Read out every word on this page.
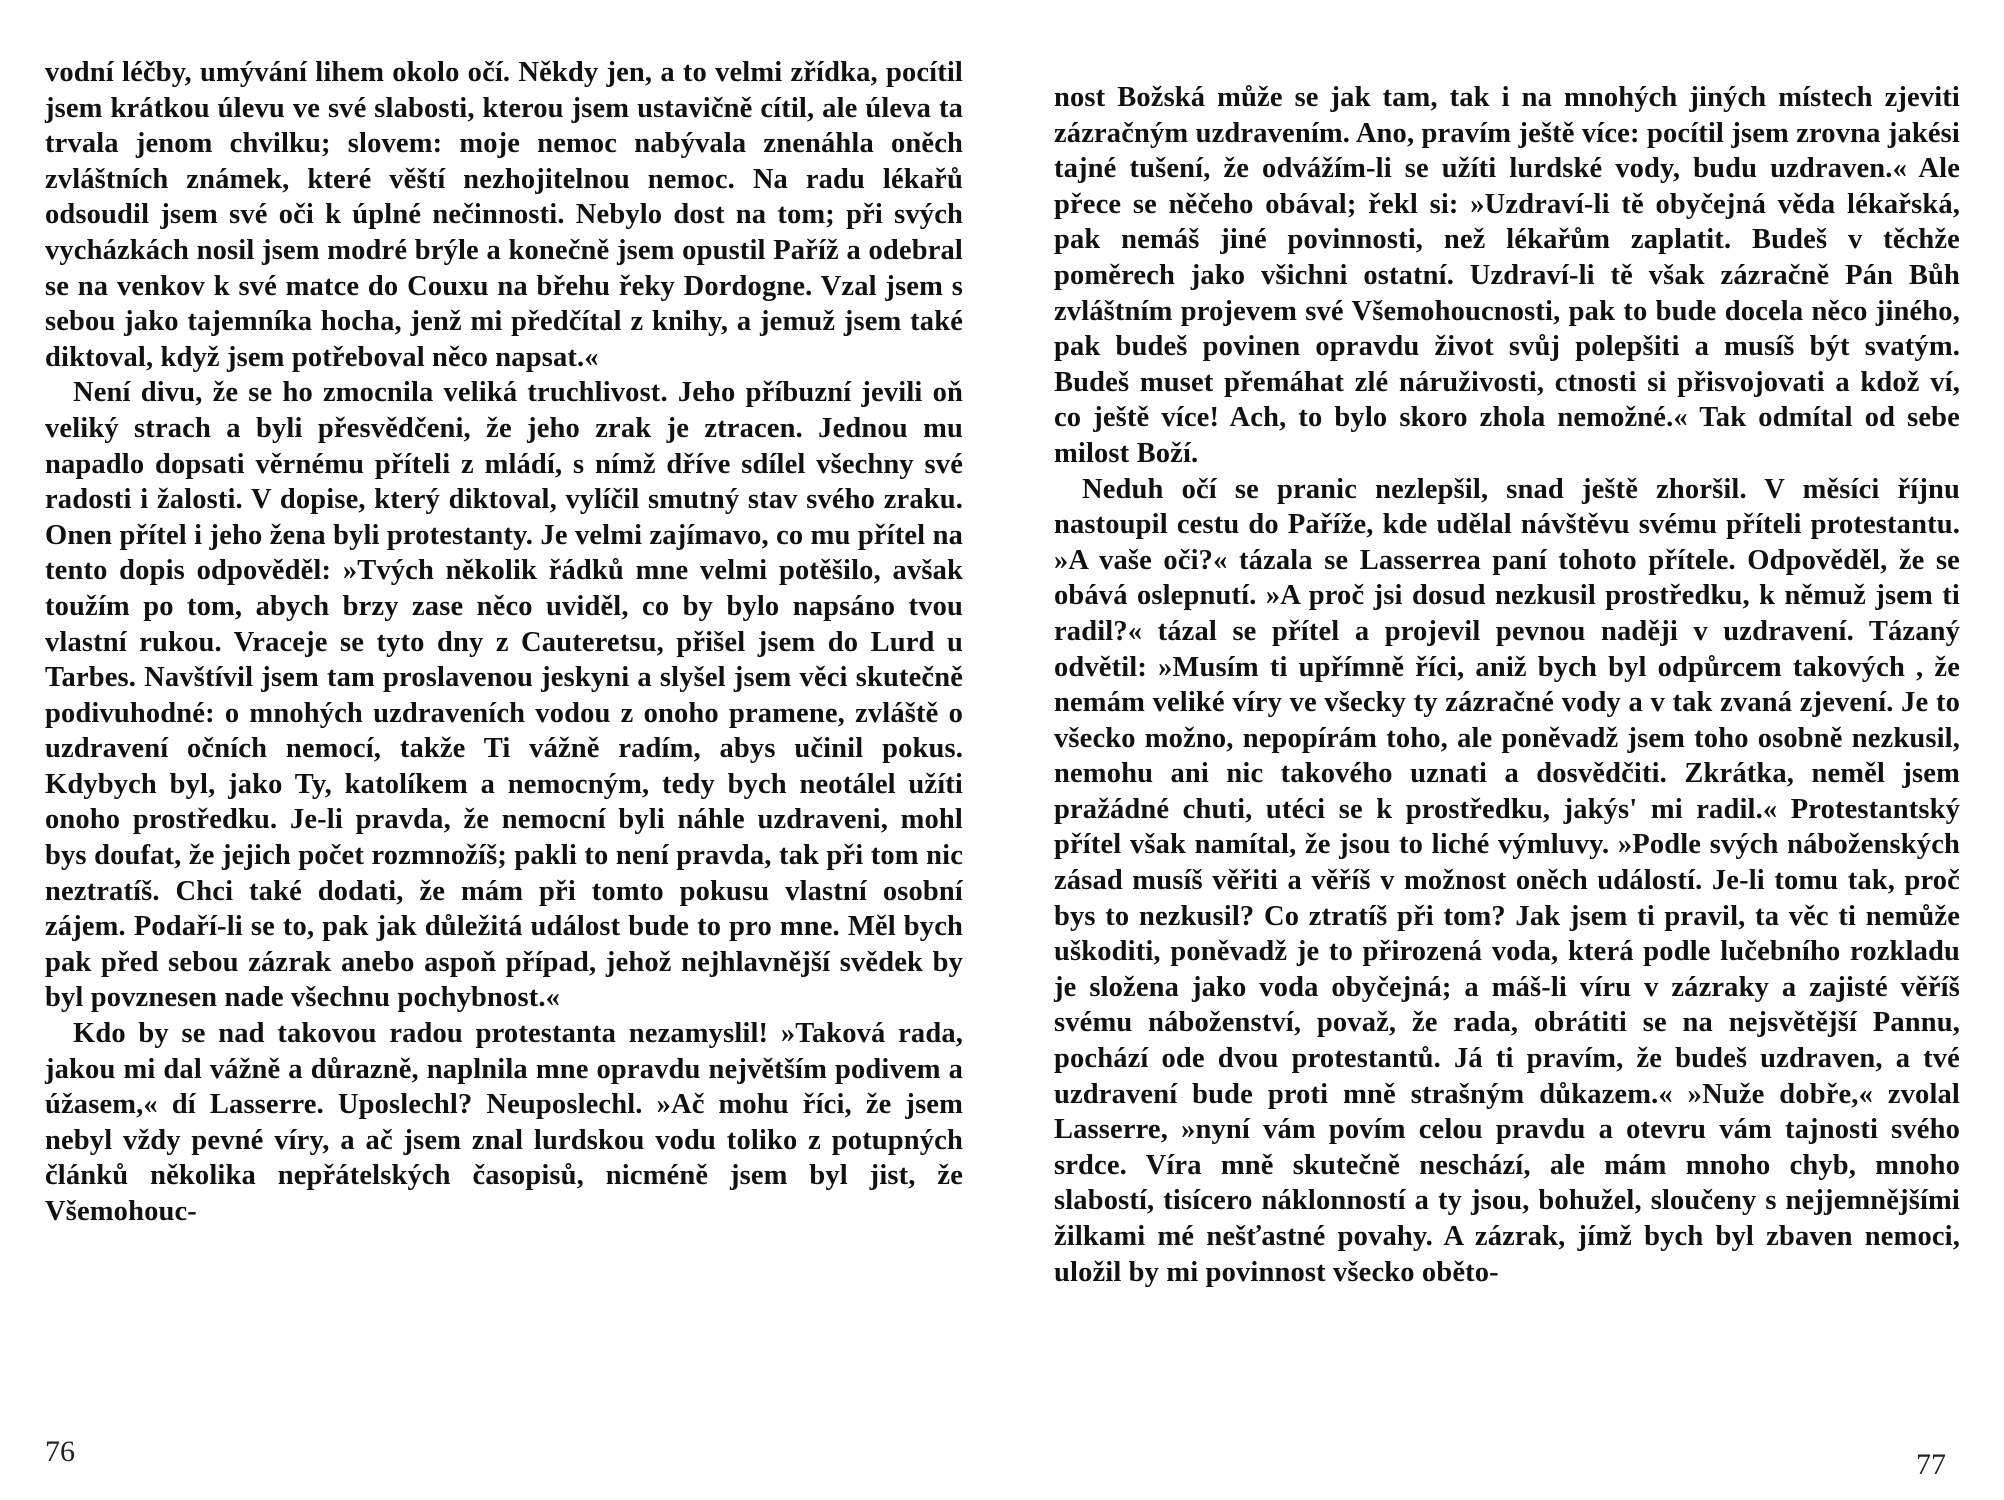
vodní léčby, umývání lihem okolo očí. Někdy jen, a to velmi zřídka, pocítil jsem krátkou úlevu ve své slabosti, kterou jsem ustavičně cítil, ale úleva ta trvala jenom chvilku; slovem: moje nemoc nabývala znenáhla oněch zvláštních známek, které věští nezhojitelnou nemoc. Na radu lékařů odsoudil jsem své oči k úplné nečinnosti. Nebylo dost na tom; při svých vycházkách nosil jsem modré brýle a konečně jsem opustil Paříž a odebral se na venkov k své matce do Couxu na břehu řeky Dordogne. Vzal jsem s sebou jako tajemníka hocha, jenž mi předčítal z knihy, a jemuž jsem také diktoval, když jsem potřeboval něco napsat.«

Není divu, že se ho zmocnila veliká truchlivost. Jeho příbuzní jevili oň veliký strach a byli přesvědčeni, že jeho zrak je ztracen. Jednou mu napadlo dopsati věrnému příteli z mládí, s nímž dříve sdílel všechny své radosti i žalosti. V dopise, který diktoval, vylíčil smutný stav svého zraku. Onen přítel i jeho žena byli protestanty. Je velmi zajímavo, co mu přítel na tento dopis odpověděl: »Tvých několik řádků mne velmi potěšilo, avšak toužím po tom, abych brzy zase něco uviděl, co by bylo napsáno tvou vlastní rukou. Vraceje se tyto dny z Cauteretsu, přišel jsem do Lurd u Tarbes. Navštívil jsem tam proslavenou jeskyni a slyšel jsem věci skutečně podivuhodné: o mnohých uzdraveních vodou z onoho pramene, zvláště o uzdravení očních nemocí, takže Ti vážně radím, abys učinil pokus. Kdybych byl, jako Ty, katolíkem a nemocným, tedy bych neotálel užíti onoho prostředku. Je-li pravda, že nemocní byli náhle uzdraveni, mohl bys doufat, že jejich počet rozmnožíš; pakli to není pravda, tak při tom nic neztratíš. Chci také dodati, že mám při tomto pokusu vlastní osobní zájem. Podaří-li se to, pak jak důležitá událost bude to pro mne. Měl bych pak před sebou zázrak anebo aspoň případ, jehož nejhlavnější svědek by byl povznesen nade všechnu pochybnost.«

Kdo by se nad takovou radou protestanta nezamyslil! »Taková rada, jakou mi dal vážně a důrazně, naplnila mne opravdu největším podivem a úžasem,« dí Lasserre. Uposlechl? Neuposlechl. »Ač mohu říci, že jsem nebyl vždy pevné víry, a ač jsem znal lurdskou vodu toliko z potupných článků několika nepřátelských časopisů, nicméně jsem byl jist, že Všemohouc-

76

nost Božská může se jak tam, tak i na mnohých jiných místech zjeviti zázračným uzdravením. Ano, pravím ještě více: pocítil jsem zrovna jakési tajné tušení, že odvážím-li se užíti lurdské vody, budu uzdraven.« Ale přece se něčeho obával; řekl si: »Uzdraví-li tě obyčejná věda lékařská, pak nemáš jiné povinnosti, než lékařům zaplatit. Budeš v těchže poměrech jako všichni ostatní. Uzdraví-li tě však zázračně Pán Bůh zvláštním projevem své Všemohoucnosti, pak to bude docela něco jiného, pak budeš povinen opravdu život svůj polepšiti a musíš být svatým. Budeš muset přemáhat zlé náruživosti, ctnosti si přisvojovati a kdož ví, co ještě více! Ach, to bylo skoro zhola nemožné.« Tak odmítal od sebe milost Boží.

Neduh očí se pranic nezlepšil, snad ještě zhoršil. V měsíci říjnu nastoupil cestu do Paříže, kde udělal návštěvu svému příteli protestantu. »A vaše oči?« tázala se Lasserrea paní tohoto přítele. Odpověděl, že se obává oslepnutí. »A proč jsi dosud nezkusil prostředku, k němuž jsem ti radil?« tázal se přítel a projevil pevnou naději v uzdravení. Tázaný odvětil: »Musím ti upřímně říci, aniž bych byl odpůrcem takových , že nemám veliké víry ve všecky ty zázračné vody a v tak zvaná zjevení. Je to všecko možno, nepopírám toho, ale poněvadž jsem toho osobně nezkusil, nemohu ani nic takového uznati a dosvědčiti. Zkrátka, neměl jsem pražádné chuti, utéci se k prostředku, jakýs' mi radil.« Protestantský přítel však namítal, že jsou to liché výmluvy. »Podle svých náboženských zásad musíš věřiti a věříš v možnost oněch událostí. Je-li tomu tak, proč bys to nezkusil? Co ztratíš při tom? Jak jsem ti pravil, ta věc ti nemůže uškoditi, poněvadž je to přirozená voda, která podle lučebního rozkladu je složena jako voda obyčejná; a máš-li víru v zázraky a zajisté věříš svému náboženství, považ, že rada, obrátiti se na nejsvětější Pannu, pochází ode dvou protestantů. Já ti pravím, že budeš uzdraven, a tvé uzdravení bude proti mně strašným důkazem.« »Nuže dobře,« zvolal Lasserre, »nyní vám povím celou pravdu a otevru vám tajnosti svého srdce. Víra mně skutečně neschází, ale mám mnoho chyb, mnoho slabostí, tisícero náklonností a ty jsou, bohužel, sloučeny s nejjemnějšími žilkami mé nešťastné povahy. A zázrak, jímž bych byl zbaven nemoci, uložil by mi povinnost všecko oběto-

77
